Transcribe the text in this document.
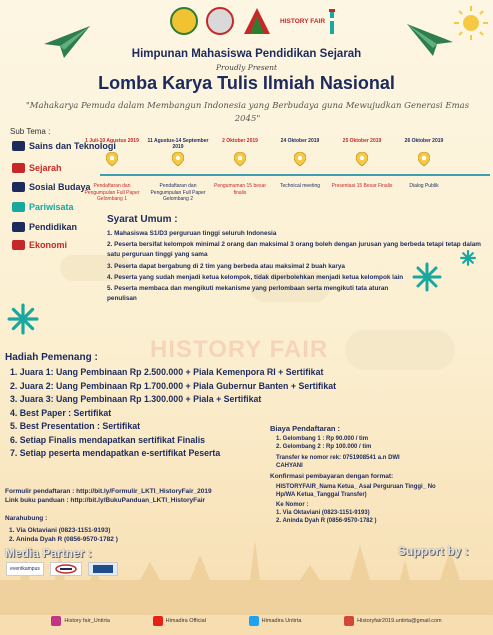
HISTORY FAIR
Himpunan Mahasiswa Pendidikan Sejarah
Proudly Present
Lomba Karya Tulis Ilmiah Nasional
"Mahakarya Pemuda dalam Membangun Indonesia yang Berbudaya guna Mewujudkan Generasi Emas 2045"
Sub Tema :
Sains dan Teknologi
Sejarah
Sosial Budaya
Pariwisata
Pendidikan
Ekonomi
1 Juli-10 Agustus 2019
Pendaftaran dan Pengumpulan Full Paper Gelombang 1
11 Agustus-14 September 2019
Pendaftaran dan Pengumpulan Full Paper Gelombang 2
2 Oktober 2019
Pengumuman 15 besar finalis
24 Oktober 2019
Technical meeting
25 Oktober 2019
Presentasi 15 Besar Finalis
26 Oktober 2019
Dialog Publik
Syarat Umum :
1. Mahasiswa S1/D3 perguruan tinggi seluruh Indonesia
2. Peserta bersifat kelompok minimal 2 orang dan maksimal 3 orang boleh dengan jurusan yang berbeda tetapi tetap dalam satu perguruan tinggi yang sama
3. Peserta dapat bergabung di 2 tim yang berbeda atau maksimal 2 buah karya
4. Peserta yang sudah menjadi ketua kelompok, tidak diperbolehkan menjadi ketua kelompok lain
5. Peserta membaca dan mengikuti mekanisme yang perlombaan serta mengikuti tata aturan penulisan
HISTORY FAIR
Hadiah Pemenang :
1. Juara 1: Uang Pembinaan Rp 2.500.000 + Piala Kemenpora RI + Sertifikat
2. Juara 2: Uang Pembinaan Rp 1.700.000 + Piala Gubernur Banten + Sertifikat
3. Juara 3: Uang Pembinaan Rp 1.300.000 + Piala + Sertifikat
4. Best Paper : Sertifikat
5. Best Presentation : Sertifikat
6. Setiap Finalis mendapatkan sertifikat Finalis
7. Setiap peserta mendapatkan e-sertifikat Peserta
Biaya Pendaftaran :
1. Gelombang 1 : Rp 90.000 / tim
2. Gelombang 2 : Rp 100.000 / tim
Transfer ke nomor rek: 0751908541 a.n DWI CAHYANI
Konfirmasi pembayaran dengan format:
HISTORYFAIR_Nama Ketua_ Asal Perguruan Tinggi_ No Hp/WA Ketua_Tanggal Transfer)
Ke Nomor :
1. Via Oktaviani (0823-1151-9193)
2. Aninda Dyah R (0856-9570-1782 )
Formulir pendaftaran : http://bit.ly/Formulir_LKTI_HistoryFair_2019
Link buku panduan : http://bit.ly/BukuPanduan_LKTI_HistoryFair
Narahubung :
1. Via Oktaviani (0823-1151-9193)
2. Aninda Dyah R (0856-9570-1782 )
Media Partner :	Support by :
eventkampus
History fair_Untirta	Himadira Official	Himadira Untirta	Historyfair2019.untirta@gmail.com
